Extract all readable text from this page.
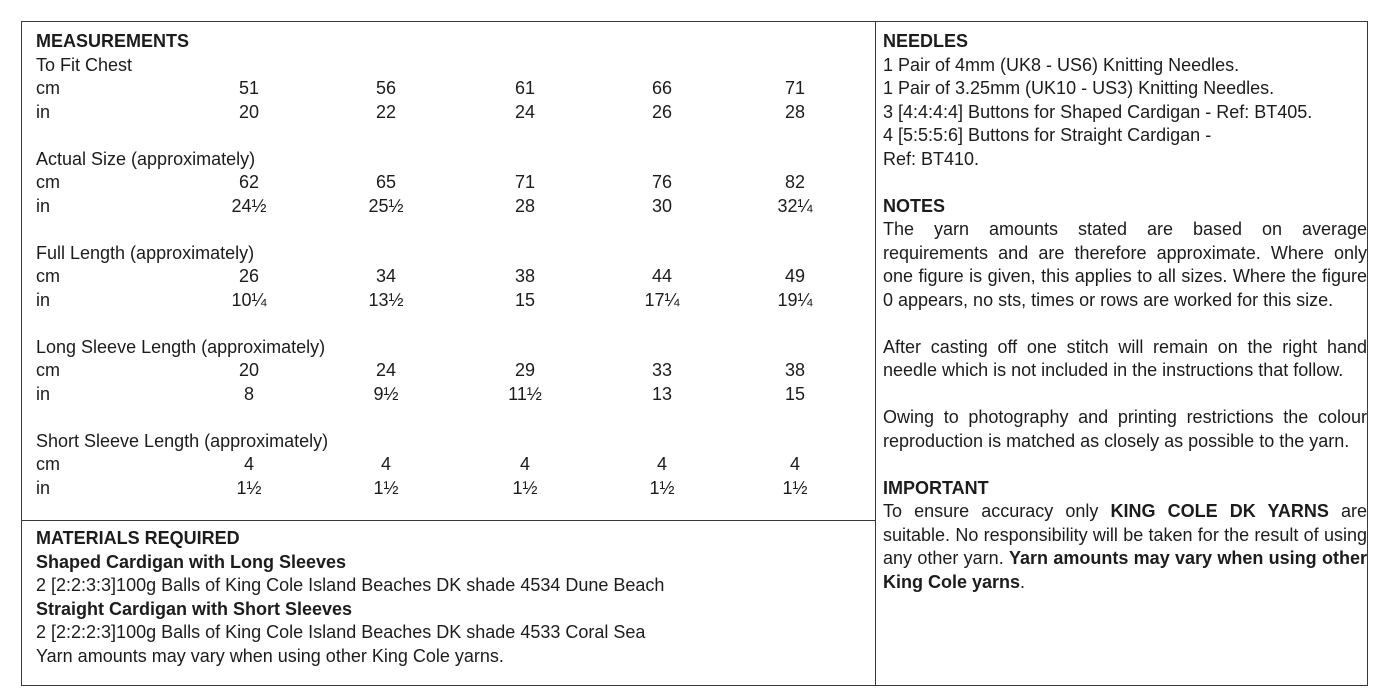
MEASUREMENTS
To Fit Chest
cm	51	56	61	66	71
in	20	22	24	26	28
Actual Size (approximately)
cm	62	65	71	76	82
in	24½	25½	28	30	32¼
Full Length (approximately)
cm	26	34	38	44	49
in	10¼	13½	15	17¼	19¼
Long Sleeve Length (approximately)
cm	20	24	29	33	38
in	8	9½	11½	13	15
Short Sleeve Length (approximately)
cm	4	4	4	4	4
in	1½	1½	1½	1½	1½
MATERIALS REQUIRED
Shaped Cardigan with Long Sleeves
2 [2:2:3:3]100g Balls of King Cole Island Beaches DK shade 4534 Dune Beach
Straight Cardigan with Short Sleeves
2 [2:2:2:3]100g Balls of King Cole Island Beaches DK shade 4533 Coral Sea
Yarn amounts may vary when using other King Cole yarns.
NEEDLES
1 Pair of 4mm (UK8 - US6) Knitting Needles.
1 Pair of 3.25mm (UK10 - US3) Knitting Needles.
3 [4:4:4:4] Buttons for Shaped Cardigan - Ref: BT405.
4 [5:5:5:6] Buttons for Straight Cardigan -
Ref: BT410.
NOTES

The yarn amounts stated are based on average requirements and are therefore approximate. Where only one figure is given, this applies to all sizes. Where the figure 0 appears, no sts, times or rows are worked for this size.

After casting off one stitch will remain on the right hand needle which is not included in the instructions that follow.

Owing to photography and printing restrictions the colour reproduction is matched as closely as possible to the yarn.

IMPORTANT

To ensure accuracy only KING COLE DK YARNS are suitable. No responsibility will be taken for the result of using any other yarn. Yarn amounts may vary when using other King Cole yarns.
